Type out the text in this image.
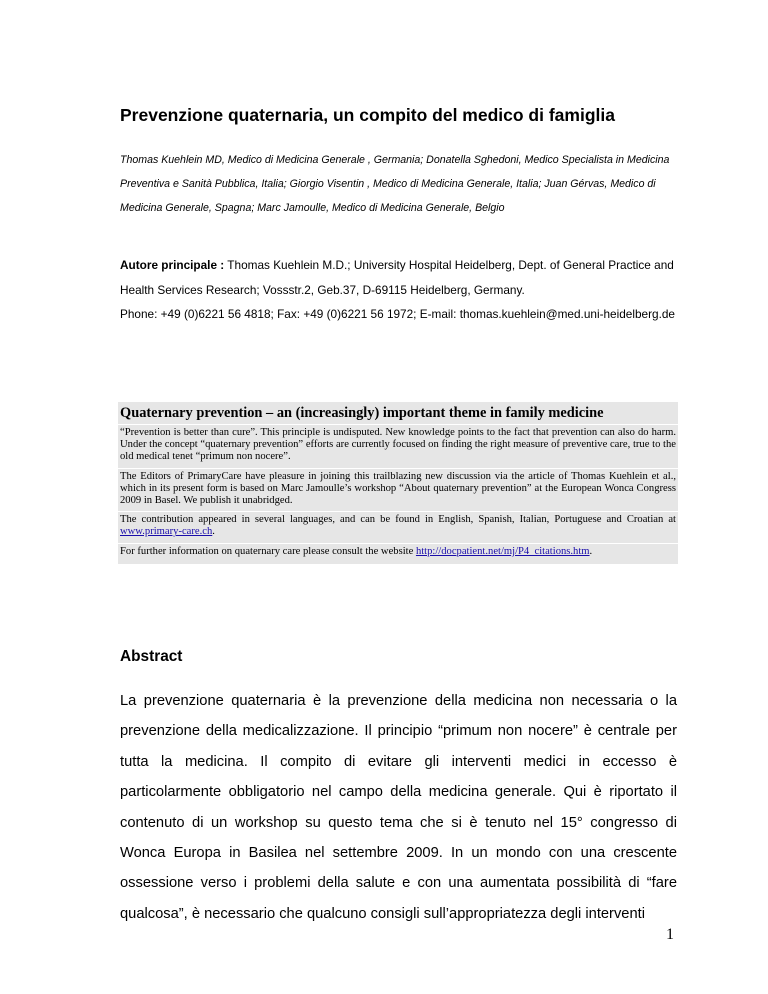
Prevenzione quaternaria, un compito del medico di famiglia
Thomas Kuehlein MD, Medico di Medicina Generale , Germania; Donatella Sghedoni, Medico Specialista in Medicina Preventiva e Sanità Pubblica, Italia; Giorgio Visentin , Medico di Medicina Generale, Italia; Juan Gérvas, Medico di Medicina Generale, Spagna; Marc Jamoulle, Medico di Medicina Generale, Belgio

Autore principale : Thomas Kuehlein M.D.; University Hospital Heidelberg, Dept. of General Practice and Health Services Research; Vossstr.2, Geb.37, D-69115 Heidelberg, Germany.

Phone: +49 (0)6221 56 4818; Fax: +49 (0)6221 56 1972; E-mail: thomas.kuehlein@med.uni-heidelberg.de

Quaternary prevention – an (increasingly) important theme in family medicine

“Prevention is better than cure”. This principle is undisputed. New knowledge points to the fact that prevention can also do harm. Under the concept “quaternary prevention” efforts are currently focused on finding the right measure of preventive care, true to the old medical tenet “primum non nocere”.

The Editors of PrimaryCare have pleasure in joining this trailblazing new discussion via the article of Thomas Kuehlein et al., which in its present form is based on Marc Jamoulle’s workshop “About quaternary prevention” at the European Wonca Congress 2009 in Basel. We publish it unabridged.

The contribution appeared in several languages, and can be found in English, Spanish, Italian, Portuguese and Croatian at www.primary-care.ch.

For further information on quaternary care please consult the website http://docpatient.net/mj/P4_citations.htm.

Abstract

La prevenzione quaternaria è la prevenzione della medicina non necessaria o la prevenzione della medicalizzazione. Il principio “primum non nocere” è centrale per tutta la medicina. Il compito di evitare gli interventi medici in eccesso è particolarmente obbligatorio nel campo della medicina generale. Qui è riportato il contenuto di un workshop su questo tema che si è tenuto nel 15° congresso di Wonca Europa in Basilea nel settembre 2009. In un mondo con una crescente ossessione verso i problemi della salute e con una aumentata possibilità di “fare qualcosa”, è necessario che qualcuno consigli sull’appropriatezza degli interventi

1
